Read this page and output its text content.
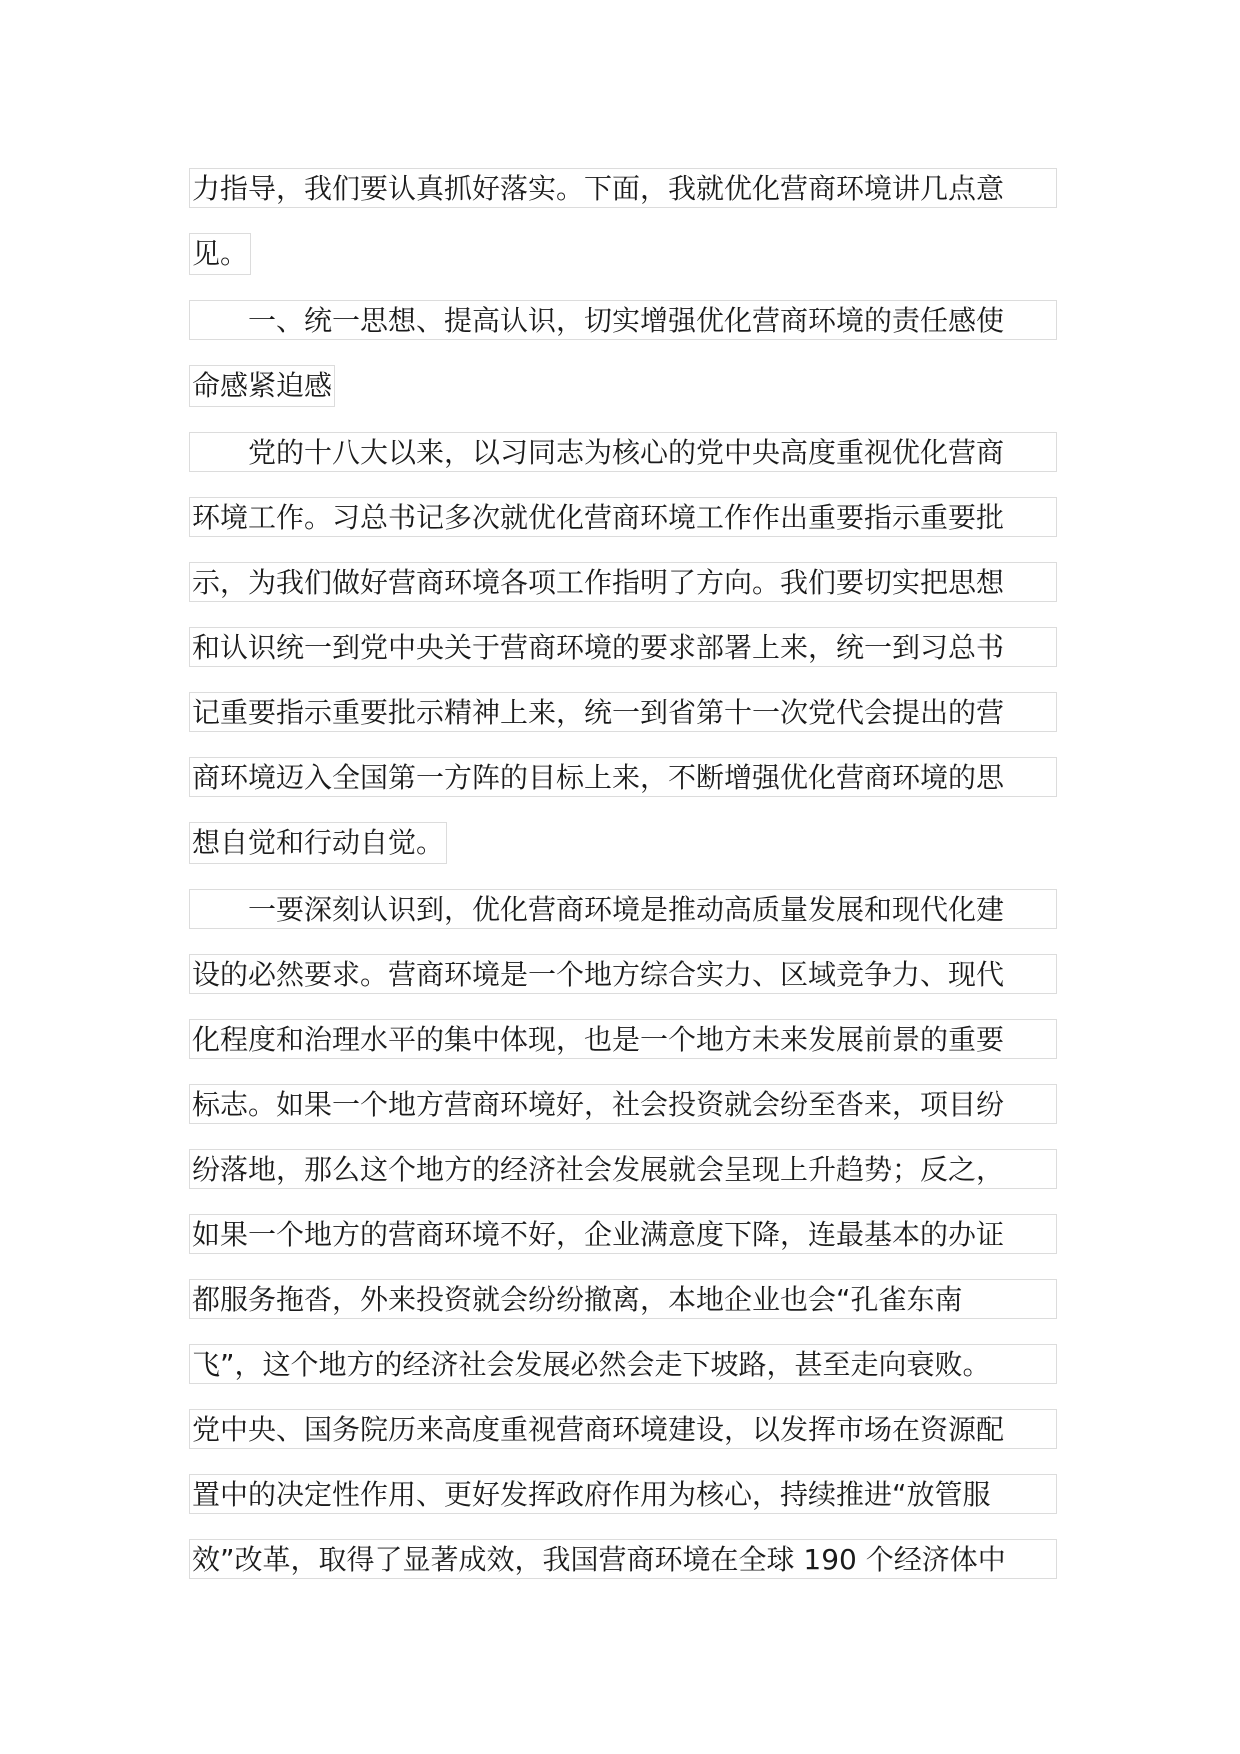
力指导，我们要认真抓好落实。下面，我就优化营商环境讲几点意
见。
一、统一思想、提高认识，切实增强优化营商环境的责任感使
命感紧迫感
党的十八大以来，以习同志为核心的党中央高度重视优化营商
环境工作。习总书记多次就优化营商环境工作作出重要指示重要批
示，为我们做好营商环境各项工作指明了方向。我们要切实把思想
和认识统一到党中央关于营商环境的要求部署上来，统一到习总书
记重要指示重要批示精神上来，统一到省第十一次党代会提出的营
商环境迈入全国第一方阵的目标上来，不断增强优化营商环境的思
想自觉和行动自觉。
一要深刻认识到，优化营商环境是推动高质量发展和现代化建
设的必然要求。营商环境是一个地方综合实力、区域竞争力、现代
化程度和治理水平的集中体现，也是一个地方未来发展前景的重要
标志。如果一个地方营商环境好，社会投资就会纷至沓来，项目纷
纷落地，那么这个地方的经济社会发展就会呈现上升趋势；反之，
如果一个地方的营商环境不好，企业满意度下降，连最基本的办证
都服务拖沓，外来投资就会纷纷撤离，本地企业也会“孔雀东南
飞”，这个地方的经济社会发展必然会走下坡路，甚至走向衰败。
党中央、国务院历来高度重视营商环境建设，以发挥市场在资源配
置中的决定性作用、更好发挥政府作用为核心，持续推进“放管服
效”改革，取得了显著成效，我国营商环境在全球 190 个经济体中
